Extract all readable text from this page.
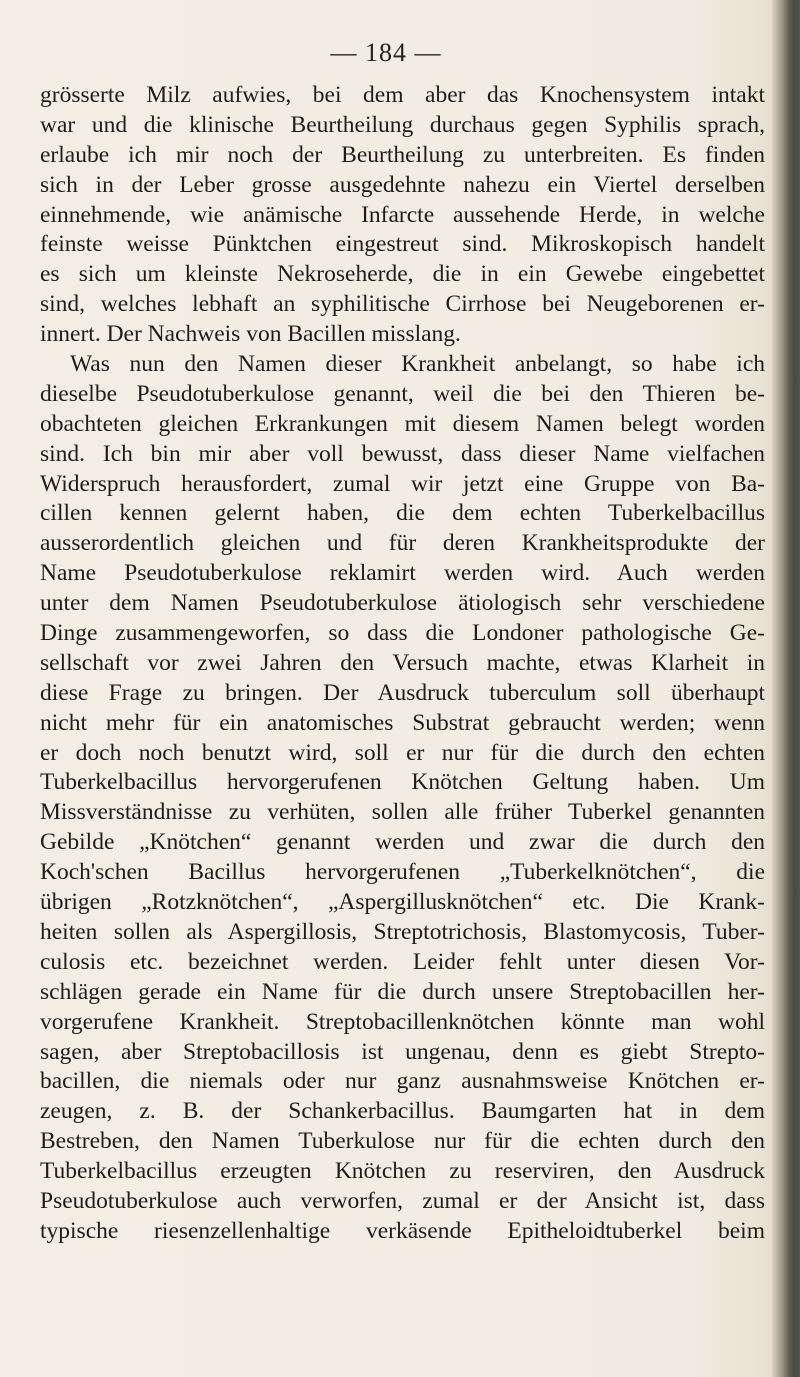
— 184 —
grösserte Milz aufwies, bei dem aber das Knochensystem intakt
war und die klinische Beurtheilung durchaus gegen Syphilis sprach,
erlaube ich mir noch der Beurtheilung zu unterbreiten. Es finden
sich in der Leber grosse ausgedehnte nahezu ein Viertel derselben
einnehmende, wie anämische Infarcte aussehende Herde, in welche
feinste weisse Pünktchen eingestreut sind. Mikroskopisch handelt
es sich um kleinste Nekroseherde, die in ein Gewebe eingebettet
sind, welches lebhaft an syphilitische Cirrhose bei Neugeborenen er-
innert. Der Nachweis von Bacillen misslang.
Was nun den Namen dieser Krankheit anbelangt, so habe ich
dieselbe Pseudotuberkulose genannt, weil die bei den Thieren be-
obachteten gleichen Erkrankungen mit diesem Namen belegt worden
sind. Ich bin mir aber voll bewusst, dass dieser Name vielfachen
Widerspruch herausfordert, zumal wir jetzt eine Gruppe von Ba-
cillen kennen gelernt haben, die dem echten Tuberkelbacillus
ausserordentlich gleichen und für deren Krankheitsprodukte der
Name Pseudotuberkulose reklamirt werden wird. Auch werden
unter dem Namen Pseudotuberkulose ätiologisch sehr verschiedene
Dinge zusammengeworfen, so dass die Londoner pathologische Ge-
sellschaft vor zwei Jahren den Versuch machte, etwas Klarheit in
diese Frage zu bringen. Der Ausdruck tuberculum soll überhaupt
nicht mehr für ein anatomisches Substrat gebraucht werden; wenn
er doch noch benutzt wird, soll er nur für die durch den echten
Tuberkelbacillus hervorgerufenen Knötchen Geltung haben. Um
Missverständnisse zu verhüten, sollen alle früher Tuberkel genannten
Gebilde „Knötchen“ genannt werden und zwar die durch den
Koch'schen Bacillus hervorgerufenen „Tuberkelknötchen“, die
übrigen „Rotzknötchen“, „Aspergillusknötchen“ etc. Die Krank-
heiten sollen als Aspergillosis, Streptotrichosis, Blastomycosis, Tuber-
culosis etc. bezeichnet werden. Leider fehlt unter diesen Vor-
schlägen gerade ein Name für die durch unsere Streptobacillen her-
vorgerufene Krankheit. Streptobacillenknötchen könnte man wohl
sagen, aber Streptobacillosis ist ungenau, denn es giebt Strepto-
bacillen, die niemals oder nur ganz ausnahmsweise Knötchen er-
zeugen, z. B. der Schankerbacillus. Baumgarten hat in dem
Bestreben, den Namen Tuberkulose nur für die echten durch den
Tuberkelbacillus erzeugten Knötchen zu reserviren, den Ausdruck
Pseudotuberkulose auch verworfen, zumal er der Ansicht ist, dass
typische riesenzellenhaltige verkäsende Epitheloidtuberkel beim
